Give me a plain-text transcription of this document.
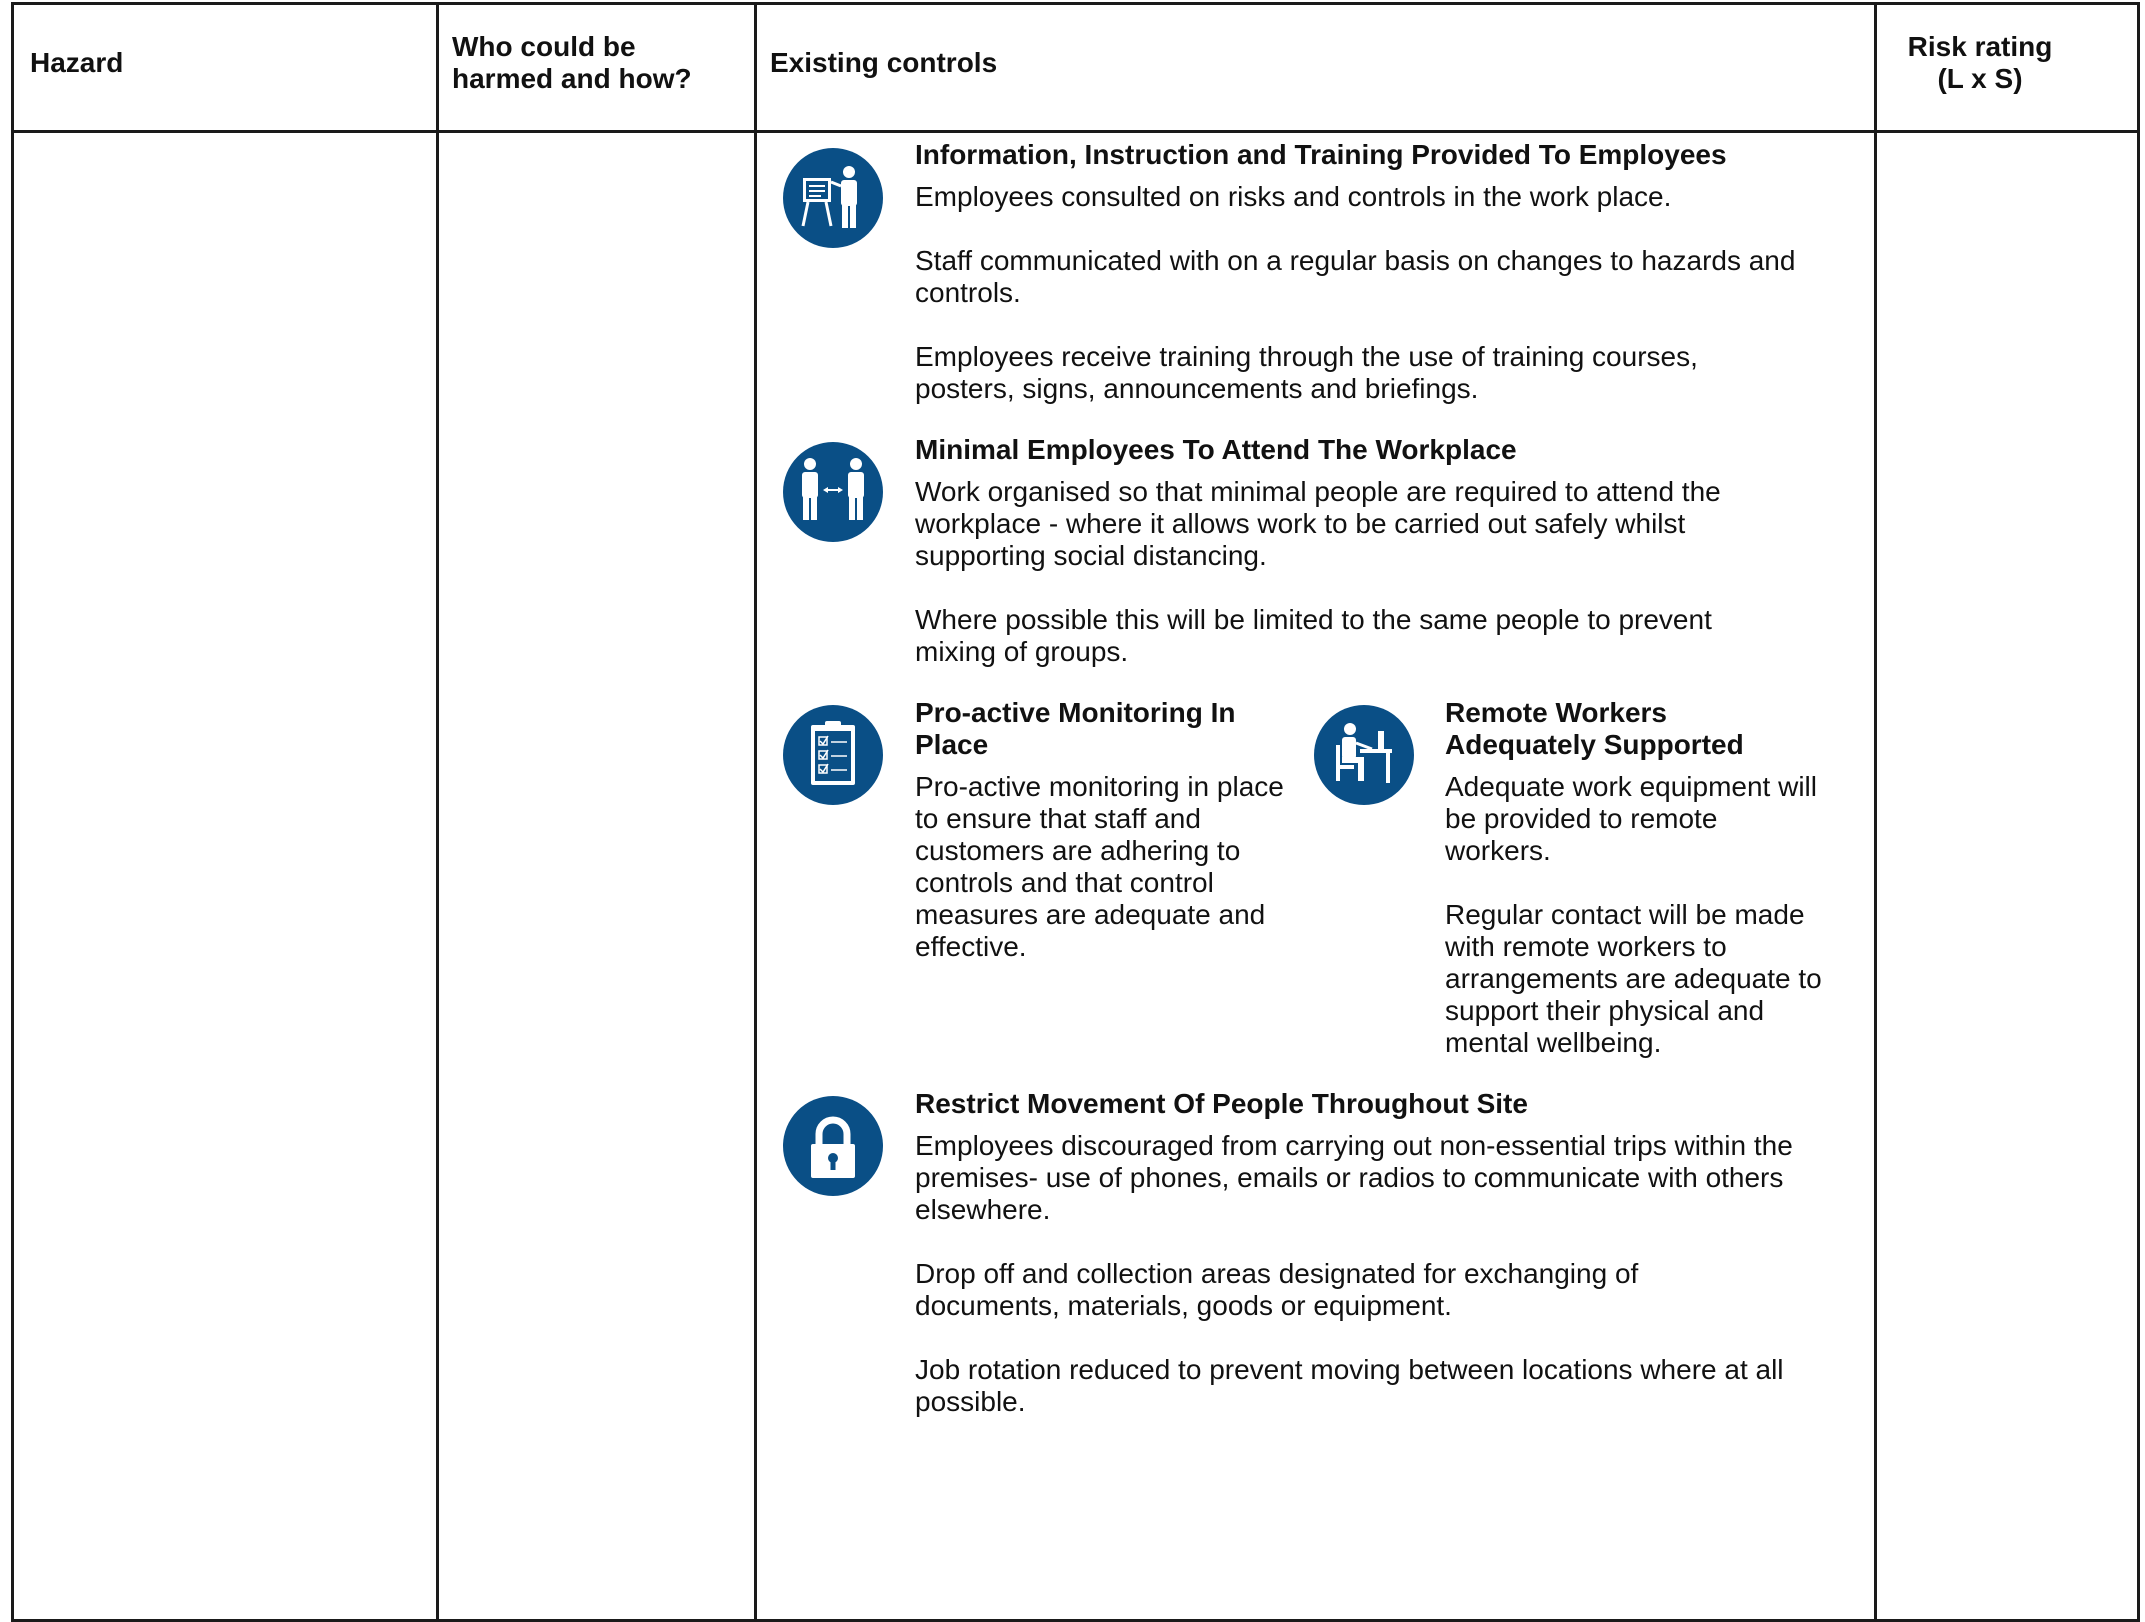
Hazard
Who could be harmed and how?
Existing controls
Risk rating
(L x S)
Information, Instruction and Training Provided To Employees
Employees consulted on risks and controls in the work place.
Staff communicated with on a regular basis on changes to hazards and controls.
Employees receive training through the use of training courses, posters, signs, announcements and briefings.
Minimal Employees To Attend The Workplace
Work organised so that minimal people are required to attend the workplace - where it allows work to be carried out safely whilst supporting social distancing.
Where possible this will be limited to the same people to prevent mixing of groups.
Pro-active Monitoring In Place
Pro-active monitoring in place to ensure that staff and customers are adhering to controls and that control measures are adequate and effective.
Remote Workers Adequately Supported
Adequate work equipment will be provided to remote workers.
Regular contact will be made with remote workers to arrangements are adequate to support their physical and mental wellbeing.
Restrict Movement Of People Throughout Site
Employees discouraged from carrying out non-essential trips within the premises- use of phones, emails or radios to communicate with others elsewhere.
Drop off and collection areas designated for exchanging of documents, materials, goods or equipment.
Job rotation reduced to prevent moving between locations where at all possible.
